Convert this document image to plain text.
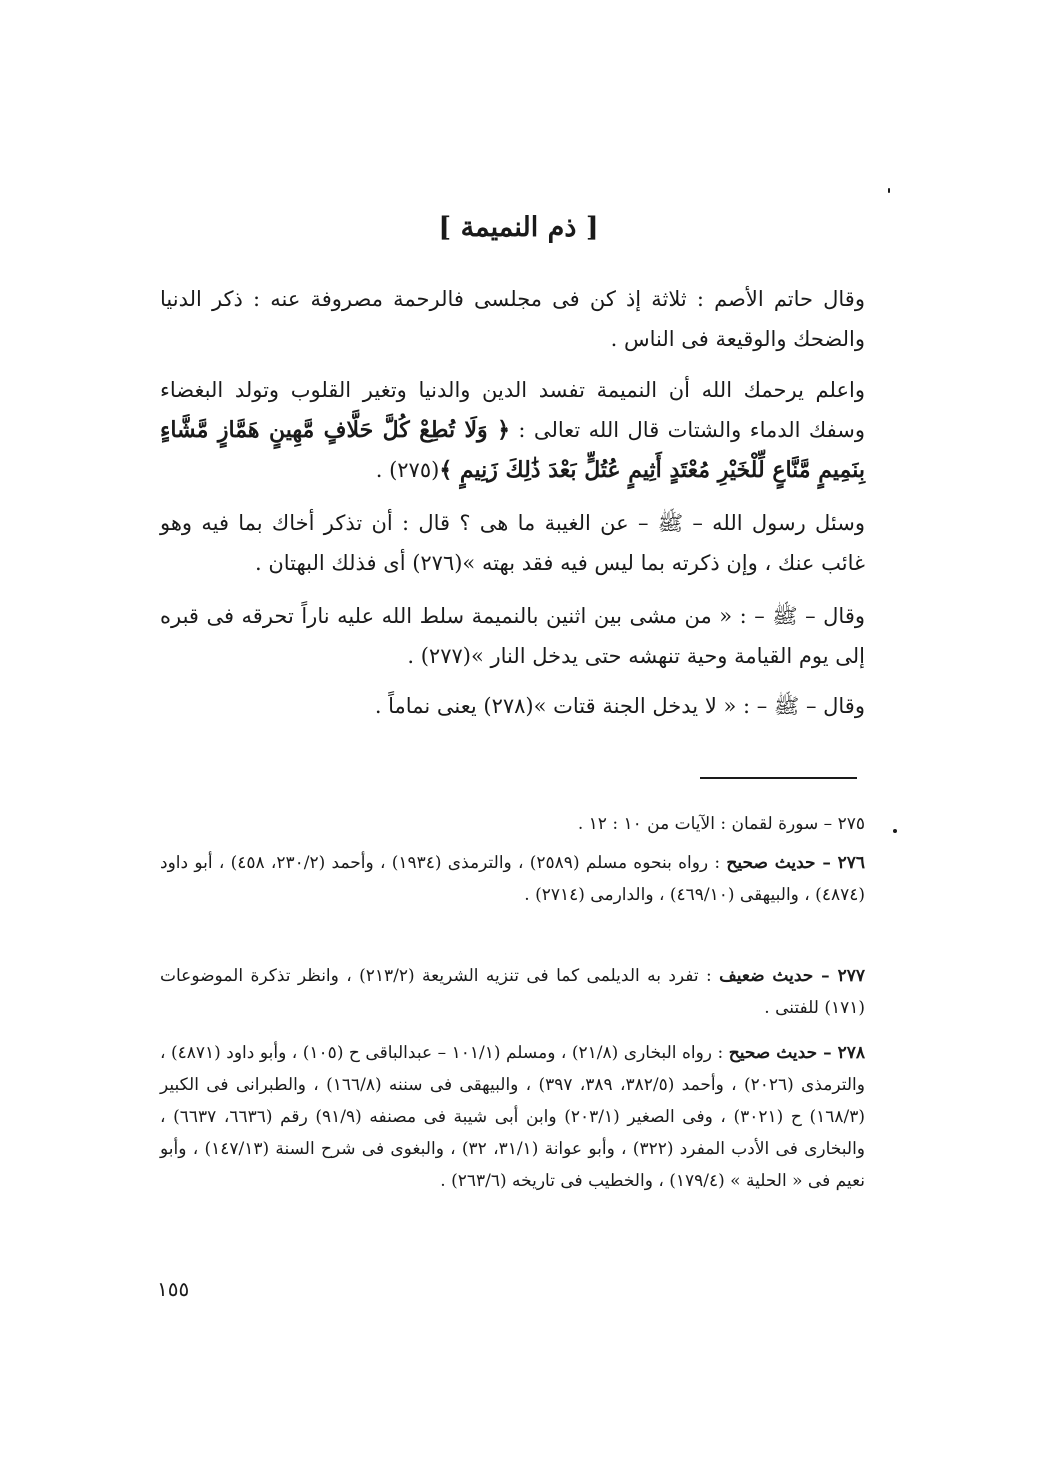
[ ذم النميمة ]

وقال حاتم الأصم : ثلاثة إذ كن فى مجلسى فالرحمة مصروفة عنه : ذكر الدنيا والضحك والوقيعة فى الناس .

واعلم يرحمك الله أن النميمة تفسد الدين والدنيا وتغير القلوب وتولد البغضاء وسفك الدماء والشتات قال الله تعالى : ﴿ وَلَا تُطِعْ كُلَّ حَلَّافٍ مَّهِينٍ هَمَّازٍ مَّشَّاءٍ بِنَمِيمٍ مَّنَّاعٍ لِّلْخَيْرِ مُعْتَدٍ أَثِيمٍ عُتُلٍّ بَعْدَ ذَٰلِكَ زَنِيمٍ ﴾(٢٧٥) .

وسئل رسول الله – ﷺ – عن الغيبة ما هى ؟ قال : أن تذكر أخاك بما فيه وهو غائب عنك ، وإن ذكرته بما ليس فيه فقد بهته »(٢٧٦) أى فذلك البهتان .

وقال – ﷺ – : « من مشى بين اثنين بالنميمة سلط الله عليه ناراً تحرقه فى قبره إلى يوم القيامة وحية تنهشه حتى يدخل النار »(٢٧٧) .

وقال – ﷺ – : « لا يدخل الجنة قتات »(٢٧٨) يعنى نماماً .

٢٧٥ – سورة لقمان : الآيات من ١٠ : ١٢ .

٢٧٦ – حديث صحيح : رواه بنحوه مسلم (٢٥٨٩) ، والترمذى (١٩٣٤) ، وأحمد (٢٣٠/٢، ٤٥٨) ، أبو داود (٤٨٧٤) ، والبيهقى (٤٦٩/١٠) ، والدارمى (٢٧١٤) .

٢٧٧ – حديث ضعيف : تفرد به الديلمى كما فى تنزيه الشريعة (٢١٣/٢) ، وانظر تذكرة الموضوعات (١٧١) للفتنى .

٢٧٨ – حديث صحيح : رواه البخارى (٢١/٨) ، ومسلم (١٠١/١ – عبدالباقى ح (١٠٥) ، وأبو داود (٤٨٧١) ، والترمذى (٢٠٢٦) ، وأحمد (٣٨٢/٥، ٣٨٩، ٣٩٧) ، والبيهقى فى سننه (١٦٦/٨) ، والطبرانى فى الكبير (١٦٨/٣) ح (٣٠٢١) ، وفى الصغير (٢٠٣/١) وابن أبى شيبة فى مصنفه (٩١/٩) رقم (٦٦٣٦، ٦٦٣٧) ، والبخارى فى الأدب المفرد (٣٢٢) ، وأبو عوانة (٣١/١، ٣٢) ، والبغوى فى شرح السنة (١٤٧/١٣) ، وأبو نعيم فى « الحلية » (١٧٩/٤) ، والخطيب فى تاريخه (٢٦٣/٦) .

١٥٥
